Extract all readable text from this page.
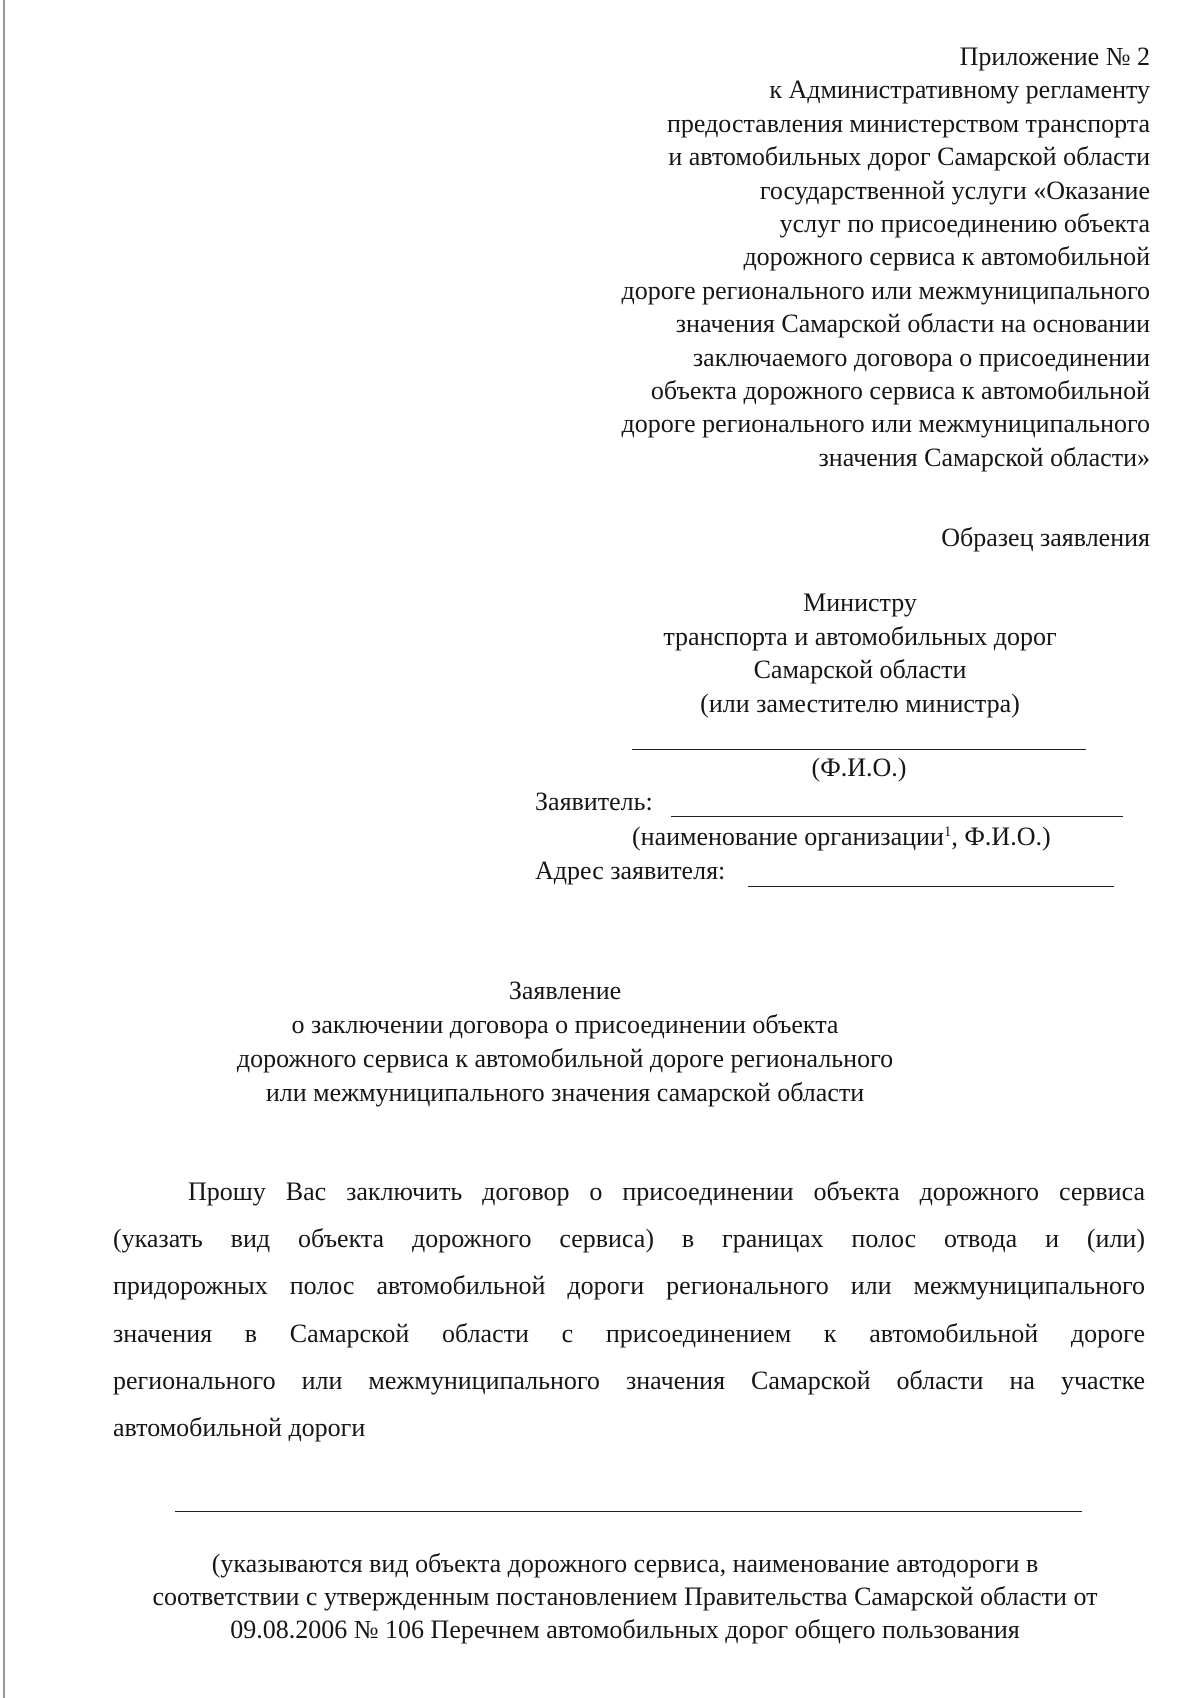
Приложение № 2
к Административному регламенту
предоставления министерством транспорта
и автомобильных дорог Самарской области
государственной услуги «Оказание
услуг по присоединению объекта
дорожного сервиса к автомобильной
дороге регионального или межмуниципального
значения Самарской области на основании
заключаемого договора о присоединении
объекта дорожного сервиса к автомобильной
дороге регионального или межмуниципального
значения Самарской области»
Образец заявления
Министру
транспорта и автомобильных дорог
Самарской области
(или заместителю министра)
(Ф.И.О.)
Заявитель:
(наименование организации$^1$, Ф.И.О.)
Адрес заявителя:
Заявление
о заключении договора о присоединении объекта
дорожного сервиса к автомобильной дороге регионального
или межмуниципального значения самарской области
Прошу Вас заключить договор о присоединении объекта дорожного сервиса
(указать вид объекта дорожного сервиса) в границах полос отвода и (или)
придорожных полос автомобильной дороги регионального или межмуниципального
значения в Самарской области с присоединением к автомобильной дороге
регионального или межмуниципального значения Самарской области на участке
автомобильной дороги
(указываются вид объекта дорожного сервиса, наименование автодороги в
соответствии с утвержденным постановлением Правительства Самарской области от
09.08.2006 № 106 Перечнем автомобильных дорог общего пользования
